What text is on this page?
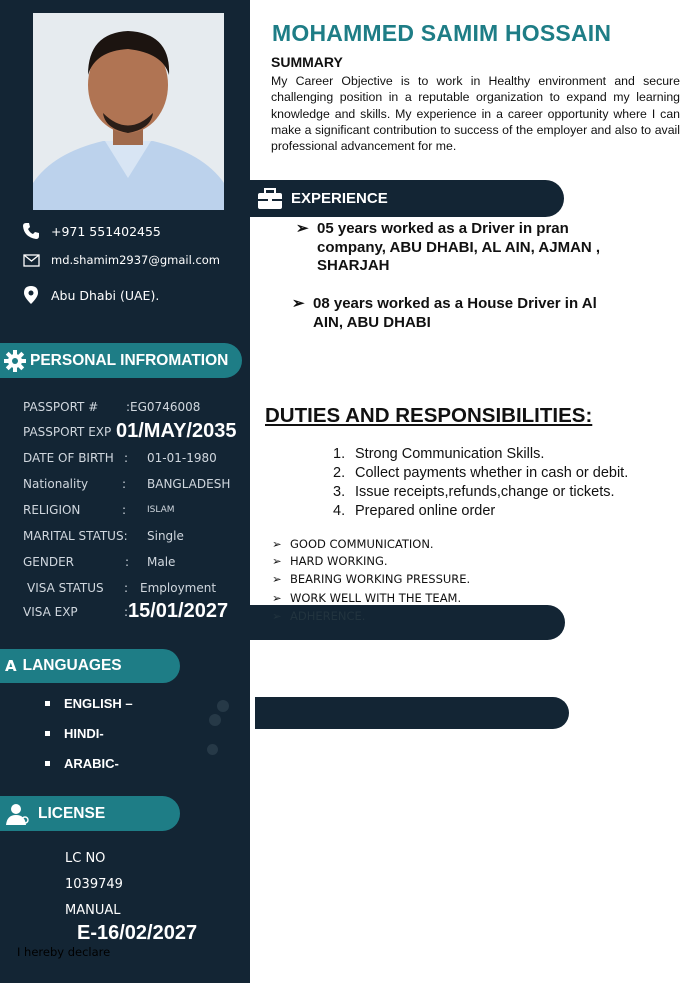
+971 551402455
md.shamim2937@gmail.com
Abu Dhabi (UAE).
PERSONAL INFROMATION
PASSPORT # :EG0746008
PASSPORT EXP 01/MAY/2035
DATE OF BIRTH : 01-01-1980
Nationality	: BANGLADESH
RELIGION	: ISLAM
MARITAL STATUS: Single
GENDER	: Male
VISA STATUS : Employment
VISA EXP	: 15/01/2027
A LANGUAGES
ENGLISH –
HINDI-
ARABIC-
LICENSE
LC NO
1039749
MANUAL
E-16/02/2027
I hereby declare
MOHAMMED SAMIM HOSSAIN
SUMMARY
My Career Objective is to work in Healthy environment and secure challenging position in a reputable organization to expand my learning knowledge and skills. My experience in a career opportunity where I can make a significant contribution to success of the employer and also to avail professional advancement for me.
EXPERIENCE
➢ 05 years worked as a Driver in pran company, ABU DHABI, AL AIN, AJMAN , SHARJAH
➢ 08 years worked as a House Driver in Al AIN, ABU DHABI
DUTIES AND RESPONSIBILITIES:
1. Strong Communication Skills.
2. Collect payments whether in cash or debit.
3. Issue receipts,refunds,change or tickets.
4. Prepared online order
➢ GOOD COMMUNICATION.
➢ HARD WORKING.
➢ BEARING WORKING PRESSURE.
➢ WORK WELL WITH THE TEAM.
➢ ADHERENCE.
